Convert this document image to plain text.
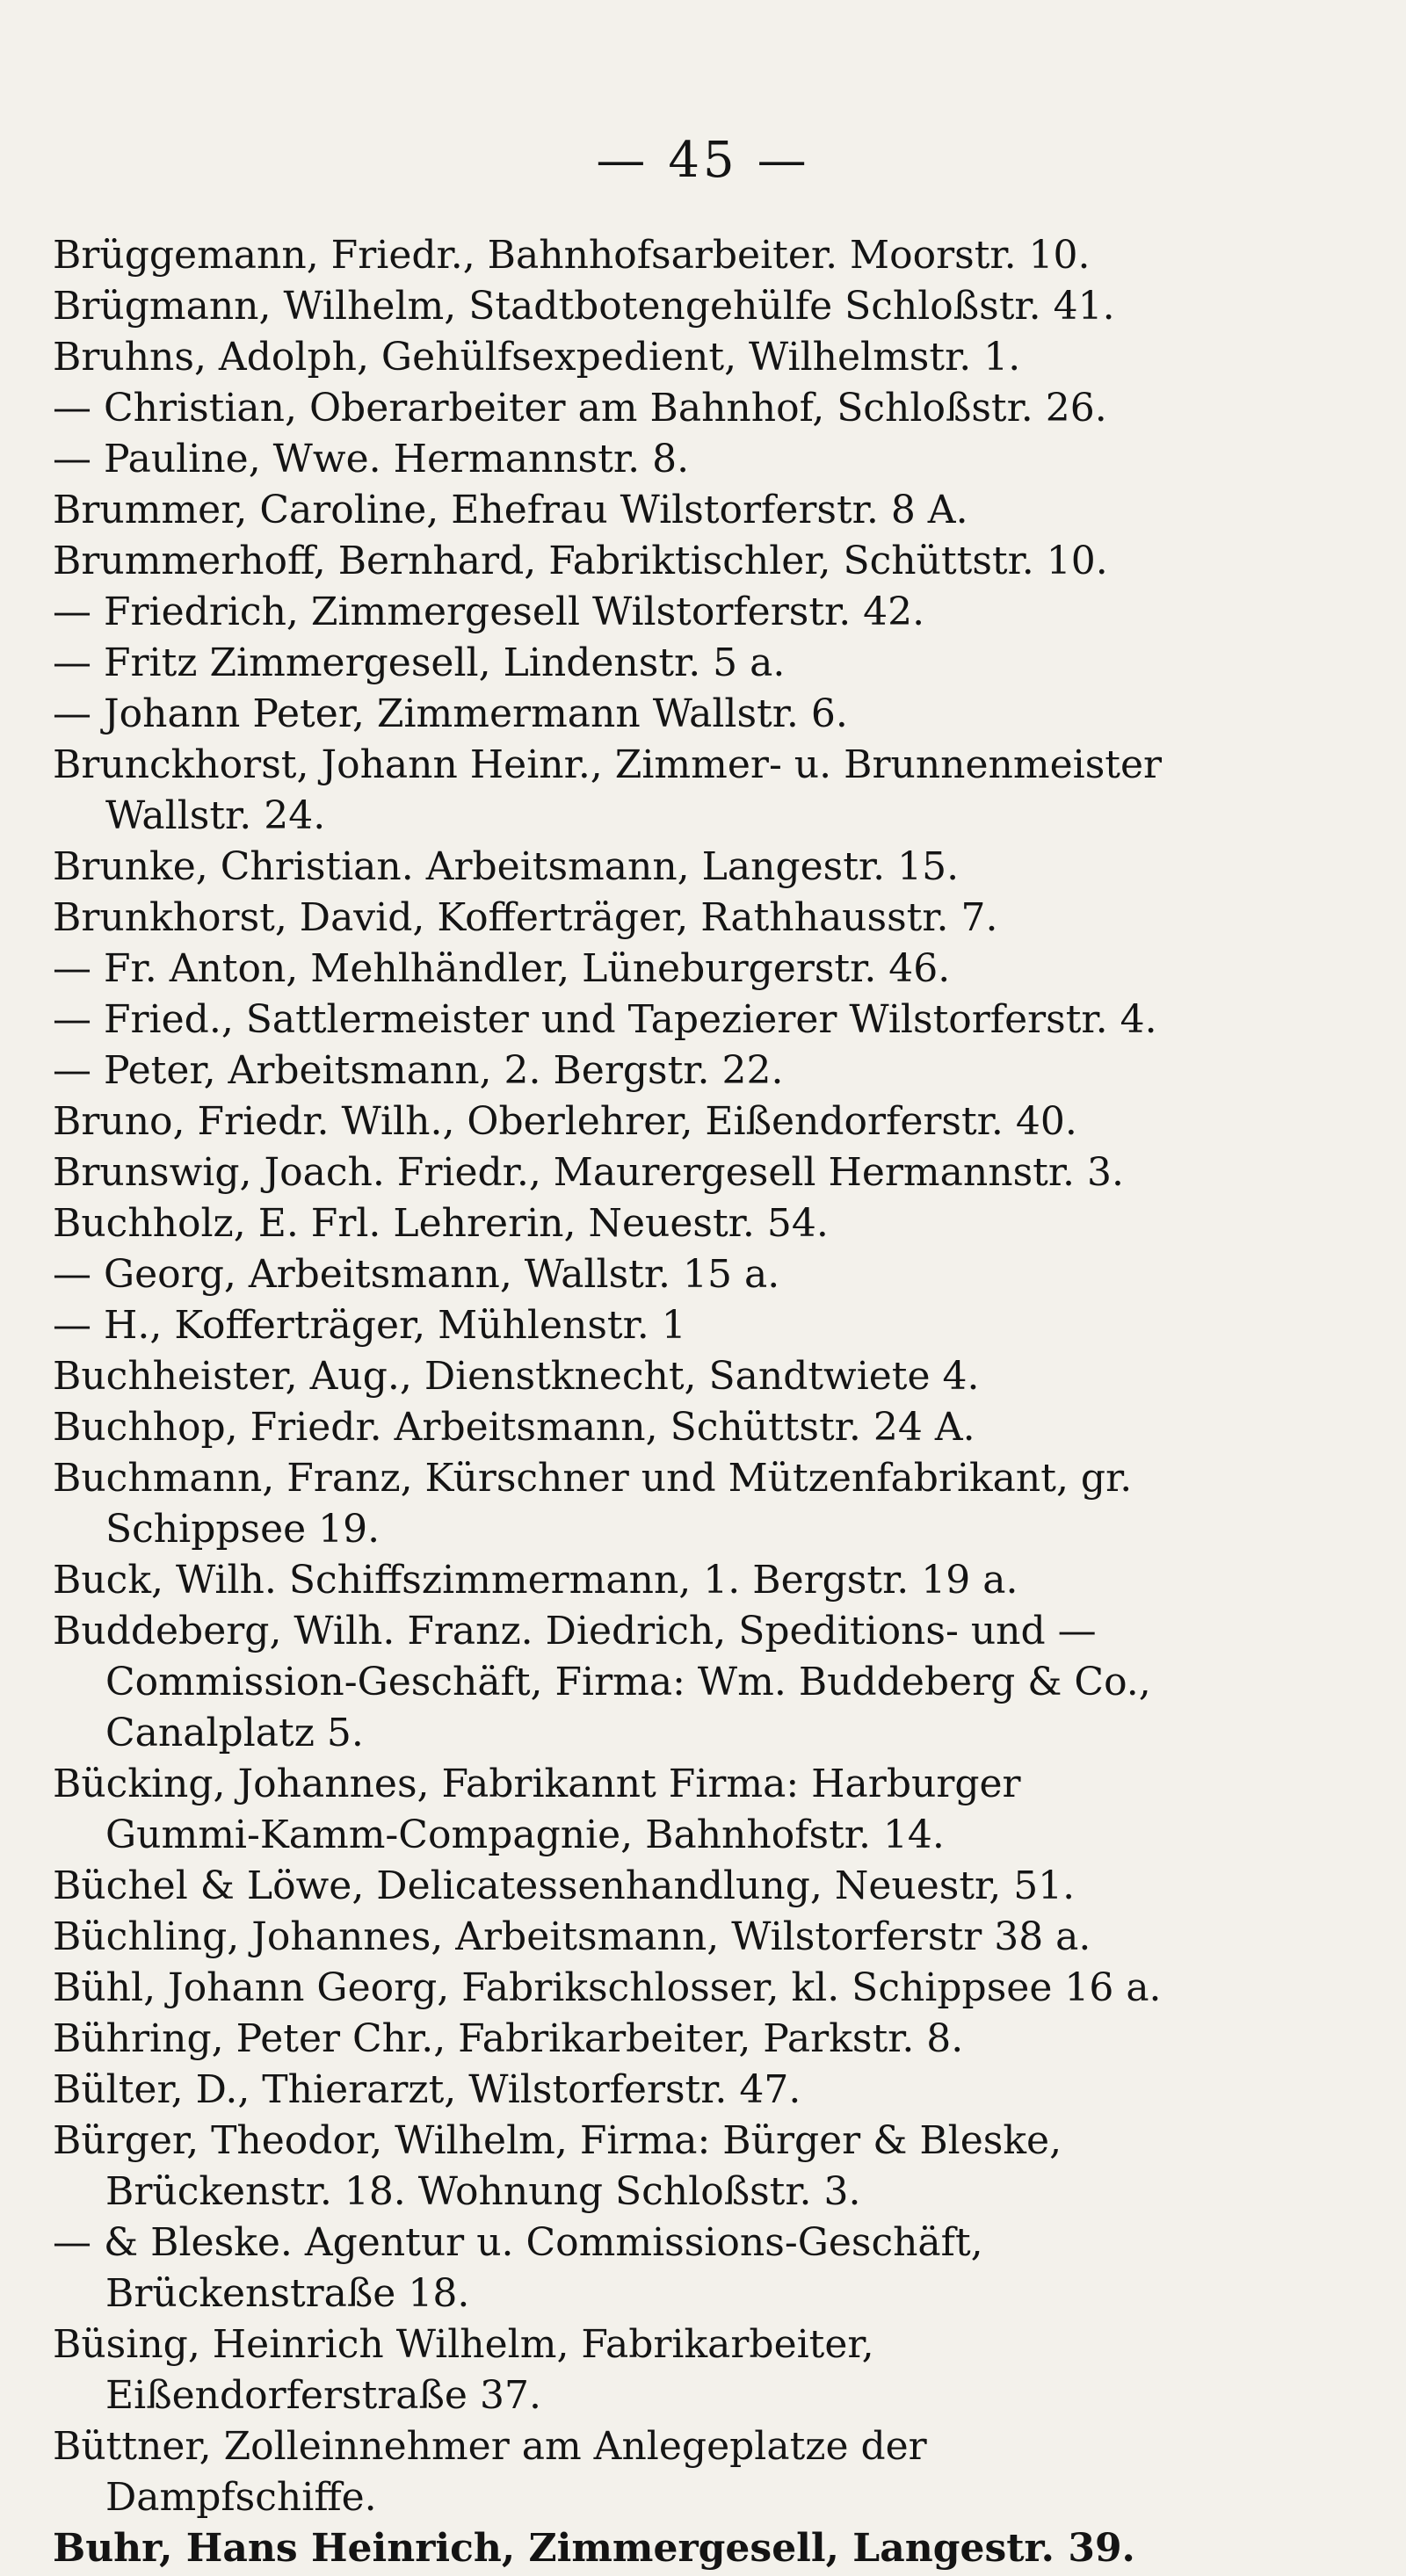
— 45 —
Brüggemann, Friedr., Bahnhofsarbeiter. Moorstr. 10.
Brügmann, Wilhelm, Stadtbotengehülfe Schloßstr. 41.
Bruhns, Adolph, Gehülfsexpedient, Wilhelmstr. 1.
— Christian, Oberarbeiter am Bahnhof, Schloßstr. 26.
— Pauline, Wwe. Hermannstr. 8.
Brummer, Caroline, Ehefrau Wilstorferstr. 8 A.
Brummerhoff, Bernhard, Fabriktischler, Schüttstr. 10.
— Friedrich, Zimmergesell Wilstorferstr. 42.
— Fritz Zimmergesell, Lindenstr. 5 a.
— Johann Peter, Zimmermann Wallstr. 6.
Brunckhorst, Johann Heinr., Zimmer- u. Brunnenmeister Wallstr. 24.
Brunke, Christian. Arbeitsmann, Langestr. 15.
Brunkhorst, David, Kofferträger, Rathhausstr. 7.
— Fr. Anton, Mehlhändler, Lüneburgerstr. 46.
— Fried., Sattlermeister und Tapezierer Wilstorferstr. 4.
— Peter, Arbeitsmann, 2. Bergstr. 22.
Bruno, Friedr. Wilh., Oberlehrer, Eißendorferstr. 40.
Brunswig, Joach. Friedr., Maurergesell Hermannstr. 3.
Buchholz, E. Frl. Lehrerin, Neuestr. 54.
— Georg, Arbeitsmann, Wallstr. 15 a.
— H., Kofferträger, Mühlenstr. 1
Buchheister, Aug., Dienstknecht, Sandtwiete 4.
Buchhop, Friedr. Arbeitsmann, Schüttstr. 24 A.
Buchmann, Franz, Kürschner und Mützenfabrikant, gr. Schippsee 19.
Buck, Wilh. Schiffszimmermann, 1. Bergstr. 19 a.
Buddeberg, Wilh. Franz. Diedrich, Speditions- und — Commission-Geschäft, Firma: Wm. Buddeberg & Co., Canalplatz 5.
Bücking, Johannes, Fabrikannt Firma: Harburger Gummi-Kamm-Compagnie, Bahnhofstr. 14.
Büchel & Löwe, Delicatessenhandlung, Neuestr, 51.
Büchling, Johannes, Arbeitsmann, Wilstorferstr 38 a.
Bühl, Johann Georg, Fabrikschlosser, kl. Schippsee 16 a.
Bühring, Peter Chr., Fabrikarbeiter, Parkstr. 8.
Bülter, D., Thierarzt, Wilstorferstr. 47.
Bürger, Theodor, Wilhelm, Firma: Bürger & Bleske, Brückenstr. 18. Wohnung Schloßstr. 3.
— & Bleske. Agentur u. Commissions-Geschäft, Brückenstraße 18.
Büsing, Heinrich Wilhelm, Fabrikarbeiter, Eißendorferstraße 37.
Büttner, Zolleinnehmer am Anlegeplatze der Dampfschiffe.
Buhr, Hans Heinrich, Zimmergesell, Langestr. 39.
